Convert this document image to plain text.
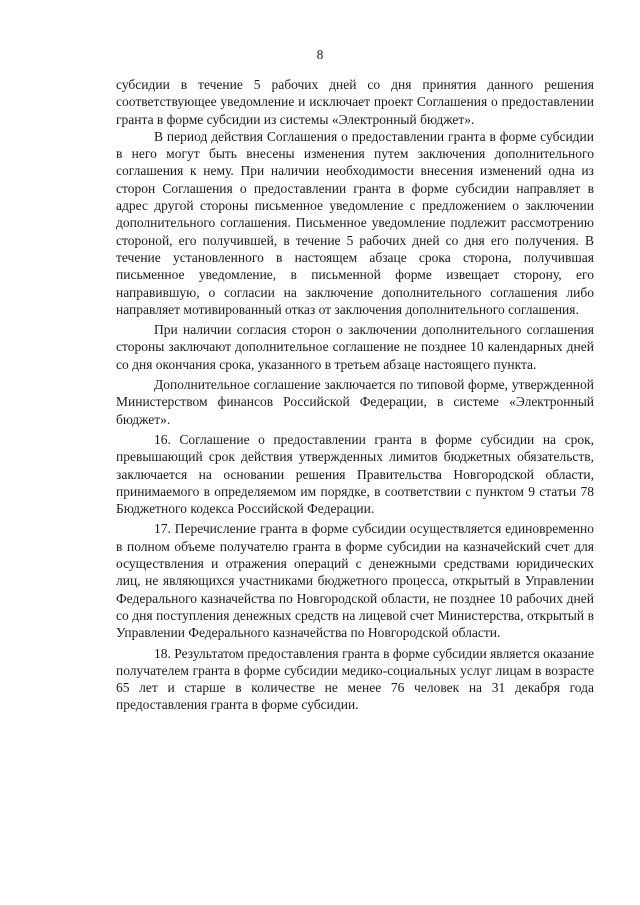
8

субсидии в течение 5 рабочих дней со дня принятия данного решения соответствующее уведомление и исключает проект Соглашения о предоставлении гранта в форме субсидии из системы «Электронный бюджет».

В период действия Соглашения о предоставлении гранта в форме субсидии в него могут быть внесены изменения путем заключения дополнительного соглашения к нему. При наличии необходимости внесения изменений одна из сторон Соглашения о предоставлении гранта в форме субсидии направляет в адрес другой стороны письменное уведомление с предложением о заключении дополнительного соглашения. Письменное уведомление подлежит рассмотрению стороной, его получившей, в течение 5 рабочих дней со дня его получения. В течение установленного в настоящем абзаце срока сторона, получившая письменное уведомление, в письменной форме извещает сторону, его направившую, о согласии на заключение дополнительного соглашения либо направляет мотивированный отказ от заключения дополнительного соглашения.

При наличии согласия сторон о заключении дополнительного соглашения стороны заключают дополнительное соглашение не позднее 10 календарных дней со дня окончания срока, указанного в третьем абзаце настоящего пункта.

Дополнительное соглашение заключается по типовой форме, утвержденной Министерством финансов Российской Федерации, в системе «Электронный бюджет».

16. Соглашение о предоставлении гранта в форме субсидии на срок, превышающий срок действия утвержденных лимитов бюджетных обязательств, заключается на основании решения Правительства Новгородской области, принимаемого в определяемом им порядке, в соответствии с пунктом 9 статьи 78 Бюджетного кодекса Российской Федерации.

17. Перечисление гранта в форме субсидии осуществляется единовременно в полном объеме получателю гранта в форме субсидии на казначейский счет для осуществления и отражения операций с денежными средствами юридических лиц, не являющихся участниками бюджетного процесса, открытый в Управлении Федерального казначейства по Новгородской области, не позднее 10 рабочих дней со дня поступления денежных средств на лицевой счет Министерства, открытый в Управлении Федерального казначейства по Новгородской области.

18. Результатом предоставления гранта в форме субсидии является оказание получателем гранта в форме субсидии медико-социальных услуг лицам в возрасте 65 лет и старше в количестве не менее 76 человек на 31 декабря года предоставления гранта в форме субсидии.
